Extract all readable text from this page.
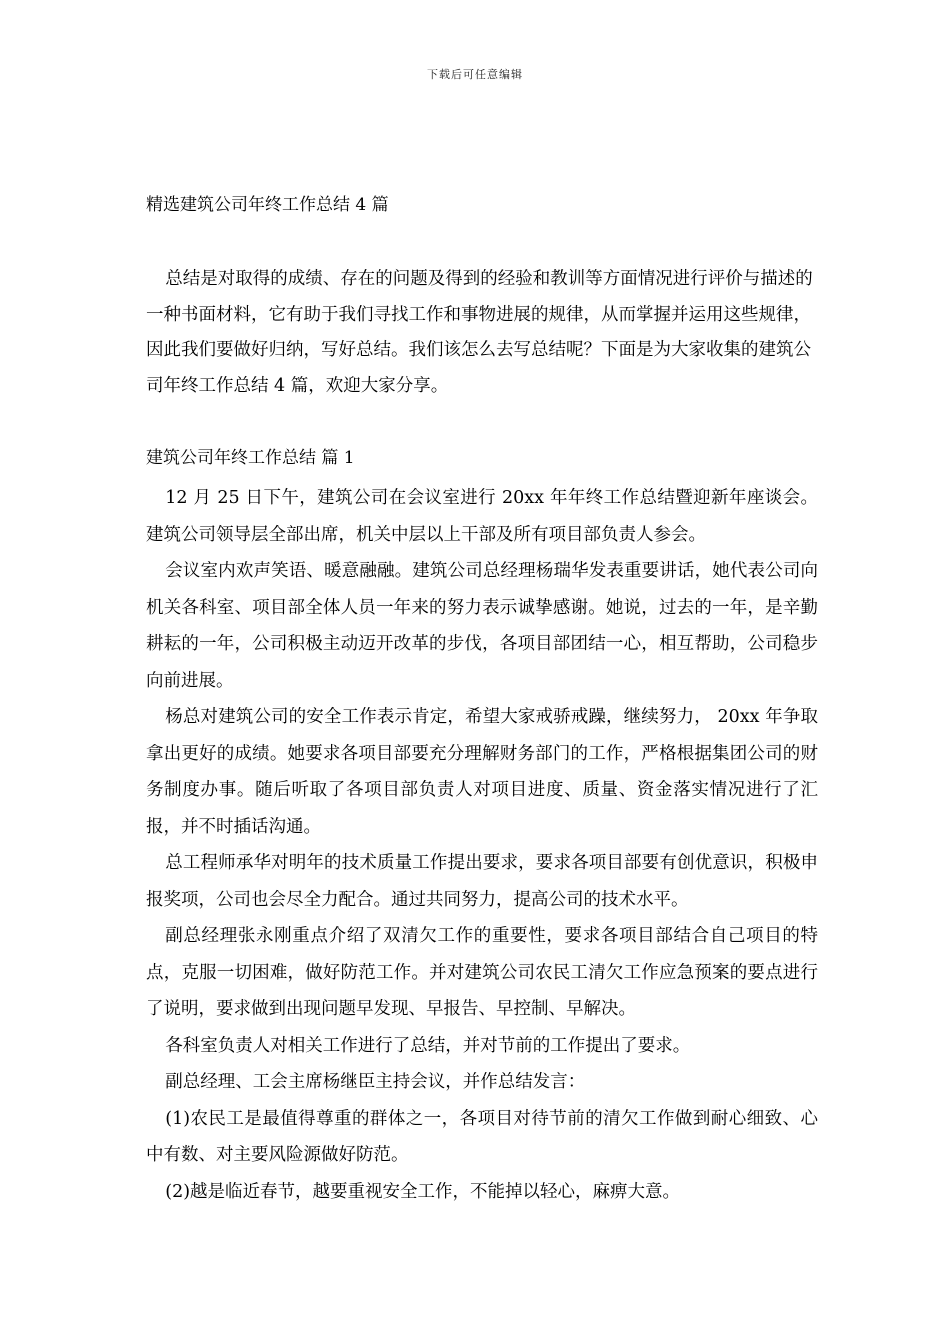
下载后可任意编辑
精选建筑公司年终工作总结 4 篇

总结是对取得的成绩、存在的问题及得到的经验和教训等方面情况进行评价与描述的一种书面材料，它有助于我们寻找工作和事物进展的规律，从而掌握并运用这些规律，因此我们要做好归纳，写好总结。我们该怎么去写总结呢？下面是为大家收集的建筑公司年终工作总结 4 篇，欢迎大家分享。

建筑公司年终工作总结 篇 1

12 月 25 日下午，建筑公司在会议室进行 20xx 年年终工作总结暨迎新年座谈会。建筑公司领导层全部出席，机关中层以上干部及所有项目部负责人参会。

会议室内欢声笑语、暖意融融。建筑公司总经理杨瑞华发表重要讲话，她代表公司向机关各科室、项目部全体人员一年来的努力表示诚挚感谢。她说，过去的一年，是辛勤耕耘的一年，公司积极主动迈开改革的步伐，各项目部团结一心，相互帮助，公司稳步向前进展。

杨总对建筑公司的安全工作表示肯定，希望大家戒骄戒躁，继续努力， 20xx 年争取拿出更好的成绩。她要求各项目部要充分理解财务部门的工作，严格根据集团公司的财务制度办事。随后听取了各项目部负责人对项目进度、质量、资金落实情况进行了汇报，并不时插话沟通。

总工程师承华对明年的技术质量工作提出要求，要求各项目部要有创优意识，积极申报奖项，公司也会尽全力配合。通过共同努力，提高公司的技术水平。

副总经理张永刚重点介绍了双清欠工作的重要性，要求各项目部结合自己项目的特点，克服一切困难，做好防范工作。并对建筑公司农民工清欠工作应急预案的要点进行了说明，要求做到出现问题早发现、早报告、早控制、早解决。

各科室负责人对相关工作进行了总结，并对节前的工作提出了要求。

副总经理、工会主席杨继臣主持会议，并作总结发言：

(1)农民工是最值得尊重的群体之一，各项目对待节前的清欠工作做到耐心细致、心中有数、对主要风险源做好防范。

(2)越是临近春节，越要重视安全工作，不能掉以轻心，麻痹大意。
